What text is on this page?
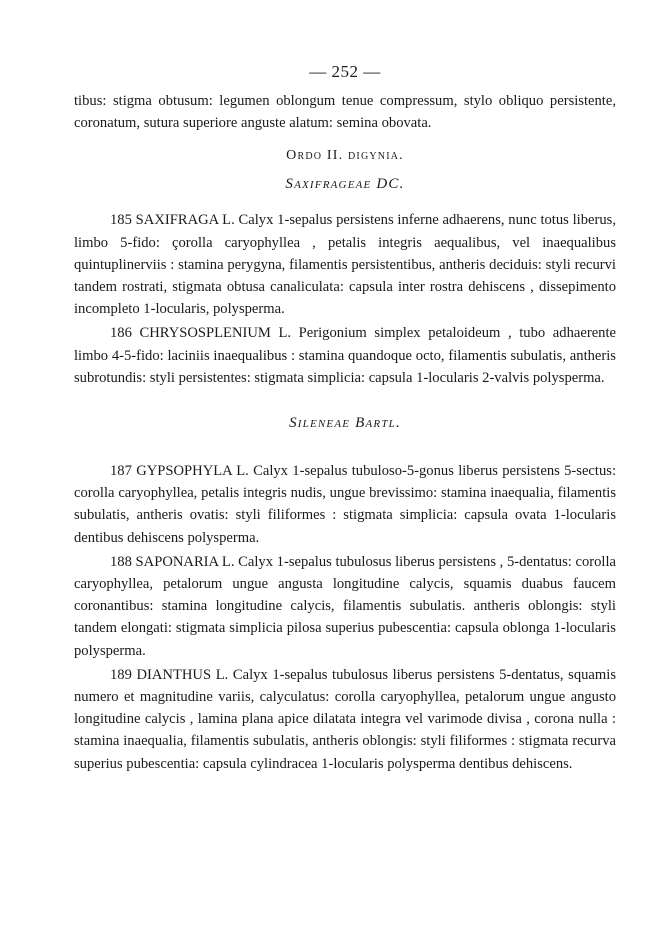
— 252 —

tibus: stigma obtusum: legumen oblongum tenue compressum, stylo obliquo persistente, coronatum, sutura superiore anguste alatum: semina obovata.

Ordo II. digynia.
Saxifrageae DC.

185 SAXIFRAGA L. Calyx 1-sepalus persistens inferne adhaerens, nunc totus liberus, limbo 5-fido: çorolla caryophyllea , petalis integris aequalibus, vel inaequalibus quintuplinerviis : stamina perygyna, filamentis persistentibus, antheris deciduis: styli recurvi tandem rostrati, stigmata obtusa canaliculata: capsula inter rostra dehiscens , dissepimento incompleto 1-locularis, polysperma.

186 CHRYSOSPLENIUM L. Perigonium simplex petaloideum , tubo adhaerente limbo 4-5-fido: laciniis inaequalibus : stamina quandoque octo, filamentis subulatis, antheris subrotundis: styli persistentes: stigmata simplicia: capsula 1-locularis 2-valvis polysperma.

Sileneae Bartl.

187 GYPSOPHYLA L. Calyx 1-sepalus tubuloso-5-gonus liberus persistens 5-sectus: corolla caryophyllea, petalis integris nudis, ungue brevissimo: stamina inaequalia, filamentis subulatis, antheris ovatis: styli filiformes : stigmata simplicia: capsula ovata 1-locularis dentibus dehiscens polysperma.

188 SAPONARIA L. Calyx 1-sepalus tubulosus liberus persistens , 5-dentatus: corolla caryophyllea, petalorum ungue angusta longitudine calycis, squamis duabus faucem coronantibus: stamina longitudine calycis, filamentis subulatis. antheris oblongis: styli tandem elongati: stigmata simplicia pilosa superius pubescentia: capsula oblonga 1-locularis polysperma.

189 DIANTHUS L. Calyx 1-sepalus tubulosus liberus persistens 5-dentatus, squamis numero et magnitudine variis, calyculatus: corolla caryophyllea, petalorum ungue angusto longitudine calycis , lamina plana apice dilatata integra vel varimode divisa , corona nulla : stamina inaequalia, filamentis subulatis, antheris oblongis: styli filiformes : stigmata recurva superius pubescentia: capsula cylindracea 1-locularis polysperma dentibus dehiscens.
